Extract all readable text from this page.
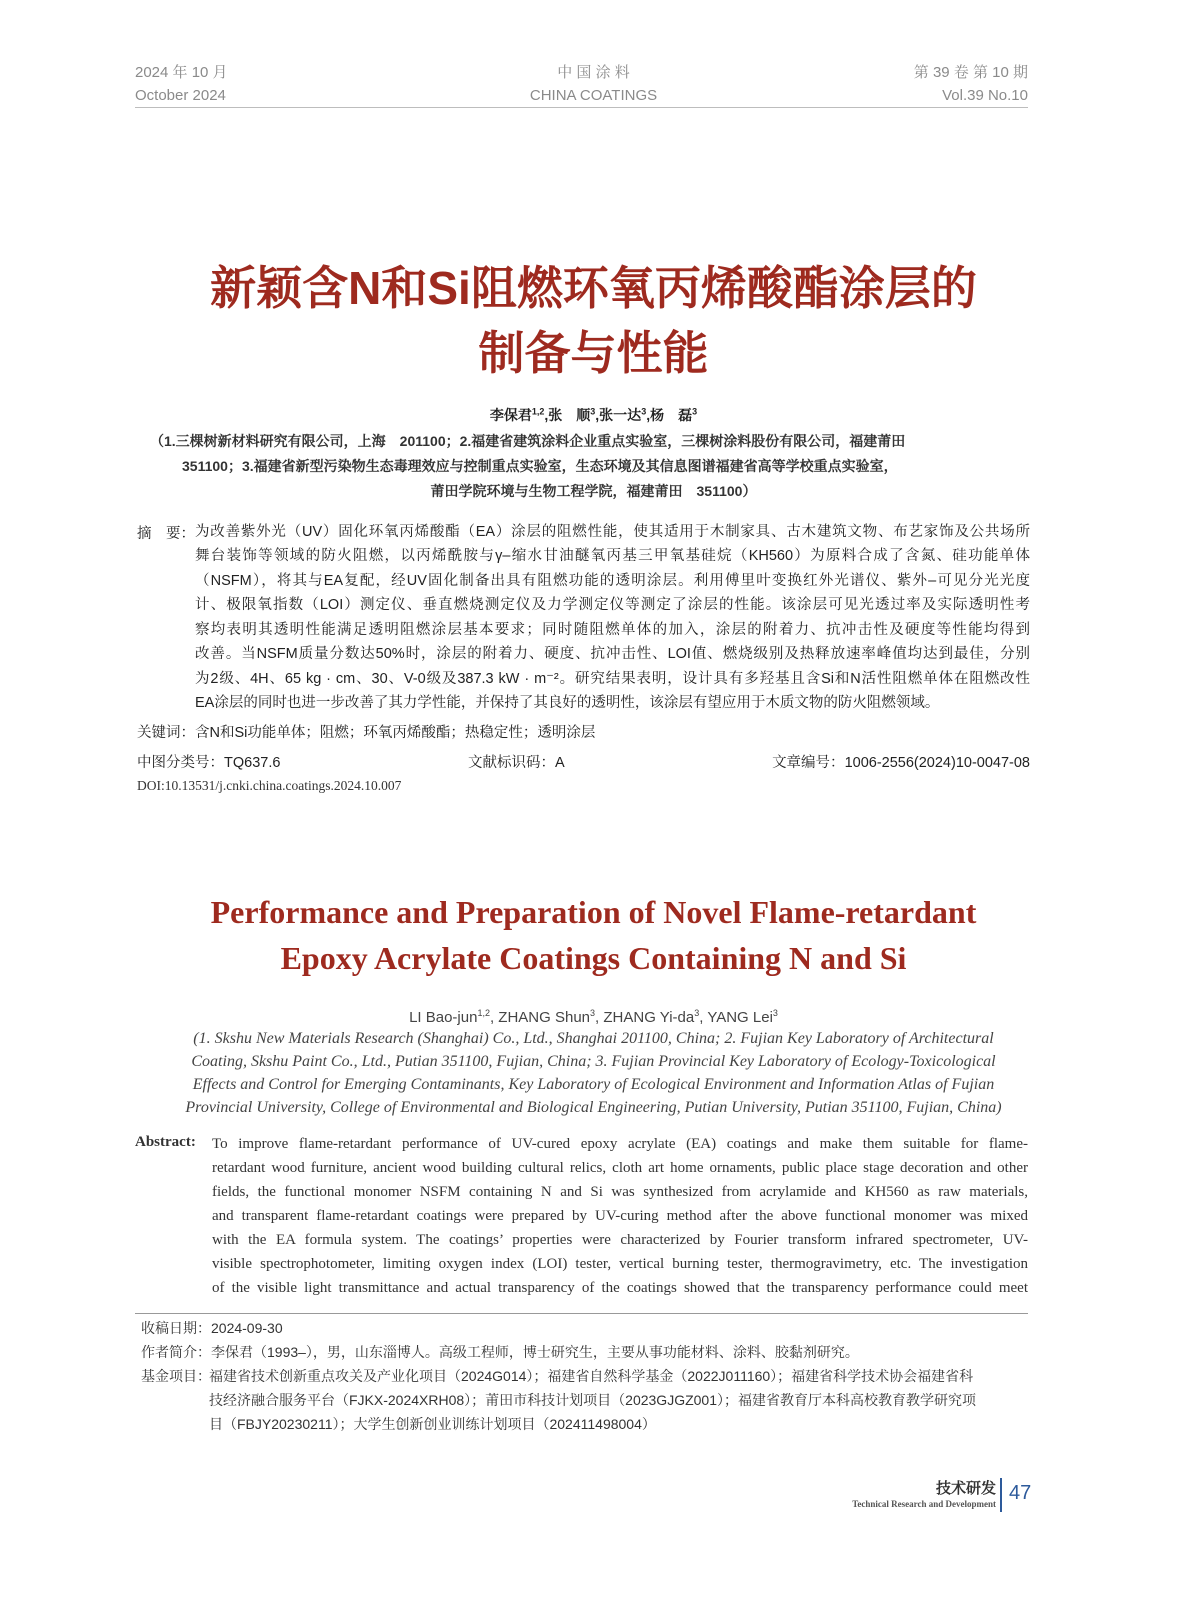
2024 年 10 月
October 2024
中 国 涂 料
CHINA COATINGS
第 39 卷 第 10 期
Vol.39 No.10
新颖含N和Si阻燃环氧丙烯酸酯涂层的
制备与性能
李保君$^{1,2}$,张　顺$^3$,张一达$^3$,杨　磊$^3$
（1.三棵树新材料研究有限公司，上海　201100；2.福建省建筑涂料企业重点实验室，三棵树涂料股份有限公司，福建莆田
351100；3.福建省新型污染物生态毒理效应与控制重点实验室，生态环境及其信息图谱福建省高等学校重点实验室，
莆田学院环境与生物工程学院，福建莆田　351100）
摘　要： 为改善紫外光（UV）固化环氧丙烯酸酯（EA）涂层的阻燃性能，使其适用于木制家具、古木建筑文物、布艺家饰及公共场所
舞台装饰等领域的防火阻燃，以丙烯酰胺与γ–缩水甘油醚氧丙基三甲氧基硅烷（KH560）为原料合成了含氮、硅功能单体
（NSFM），将其与EA复配，经UV固化制备出具有阻燃功能的透明涂层。利用傅里叶变换红外光谱仪、紫外–可见分光光度
计、极限氧指数（LOI）测定仪、垂直燃烧测定仪及力学测定仪等测定了涂层的性能。该涂层可见光透过率及实际透明性考
察均表明其透明性能满足透明阻燃涂层基本要求；同时随阻燃单体的加入，涂层的附着力、抗冲击性及硬度等性能均得到
改善。当NSFM质量分数达50%时，涂层的附着力、硬度、抗冲击性、LOI值、燃烧级别及热释放速率峰值均达到最佳，分别
为2级、4H、65 kg · cm、30、V-0级及387.3 kW · m⁻²。研究结果表明，设计具有多羟基且含Si和N活性阻燃单体在阻燃改性
EA涂层的同时也进一步改善了其力学性能，并保持了其良好的透明性，该涂层有望应用于木质文物的防火阻燃领域。
关键词：含N和Si功能单体；阻燃；环氧丙烯酸酯；热稳定性；透明涂层
中图分类号：TQ637.6	文献标识码：A	文章编号：1006-2556(2024)10-0047-08
DOI:10.13531/j.cnki.china.coatings.2024.10.007
Performance and Preparation of Novel Flame-retardant
Epoxy Acrylate Coatings Containing N and Si
LI Bao-jun$^{1,2}$, ZHANG Shun$^3$, ZHANG $Yi-da^3$, YANG Lei$^3$
(1. Skshu New Materials Research (Shanghai) Co., Ltd., Shanghai 201100, China; 2. Fujian Key Laboratory of Architectural
Coating, Skshu Paint Co., Ltd., Putian 351100, Fujian, China; 3. Fujian Provincial Key Laboratory of Ecology-Toxicological
Effects and Control for Emerging Contaminants, Key Laboratory of Ecological Environment and Information Atlas of Fujian
Provincial University, College of Environmental and Biological Engineering, Putian University, Putian 351100, Fujian, China)
Abstract: To improve flame-retardant performance of UV-cured epoxy acrylate (EA) coatings and make them suitable for flame-
retardant wood furniture, ancient wood building cultural relics, cloth art home ornaments, public place stage decoration and other
fields, the functional monomer NSFM containing N and Si was synthesized from acrylamide and KH560 as raw materials,
and transparent flame-retardant coatings were prepared by UV-curing method after the above functional monomer was mixed
with the EA formula system. The coatings’ properties were characterized by Fourier transform infrared spectrometer, UV-
visible spectrophotometer, limiting oxygen index (LOI) tester, vertical burning tester, thermogravimetry, etc. The investigation
of the visible light transmittance and actual transparency of the coatings showed that the transparency performance could meet
收稿日期：2024-09-30
作者简介：李保君（1993–），男，山东淄博人。高级工程师，博士研究生，主要从事功能材料、涂料、胶黏剂研究。
基金项目：
福建省技术创新重点攻关及产业化项目（2024G014）；福建省自然科学基金（2022J011160）；福建省科学技术协会福建省科
技经济融合服务平台（FJKX-2024XRH08）；莆田市科技计划项目（2023GJGZ001）；福建省教育厅本科高校教育教学研究项
目（FBJY20230211）；大学生创新创业训练计划项目（202411498004）
技术研发
Technical Research and Development 47
